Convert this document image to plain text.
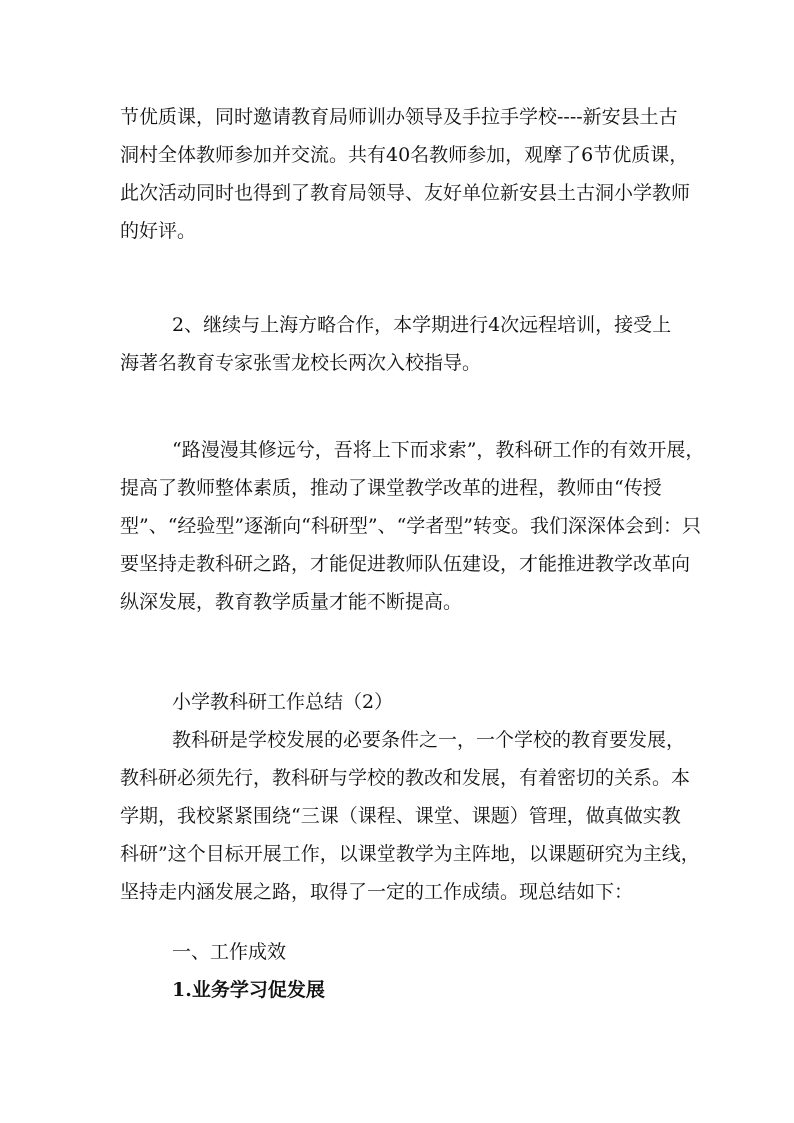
节优质课，同时邀请教育局师训办领导及手拉手学校----新安县土古
洞村全体教师参加并交流。共有40名教师参加，观摩了6节优质课，
此次活动同时也得到了教育局领导、友好单位新安县土古洞小学教师
的好评。
2、继续与上海方略合作，本学期进行4次远程培训，接受上
海著名教育专家张雪龙校长两次入校指导。
“路漫漫其修远兮，吾将上下而求索”，教科研工作的有效开展，
提高了教师整体素质，推动了课堂教学改革的进程，教师由“传授
型”、“经验型”逐渐向“科研型”、“学者型”转变。我们深深体会到：只
要坚持走教科研之路，才能促进教师队伍建设，才能推进教学改革向
纵深发展，教育教学质量才能不断提高。
小学教科研工作总结（2）
教科研是学校发展的必要条件之一，一个学校的教育要发展，
教科研必须先行，教科研与学校的教改和发展，有着密切的关系。本
学期，我校紧紧围绕“三课（课程、课堂、课题）管理，做真做实教
科研”这个目标开展工作，以课堂教学为主阵地，以课题研究为主线，
坚持走内涵发展之路，取得了一定的工作成绩。现总结如下：
一、工作成效
1.业务学习促发展
